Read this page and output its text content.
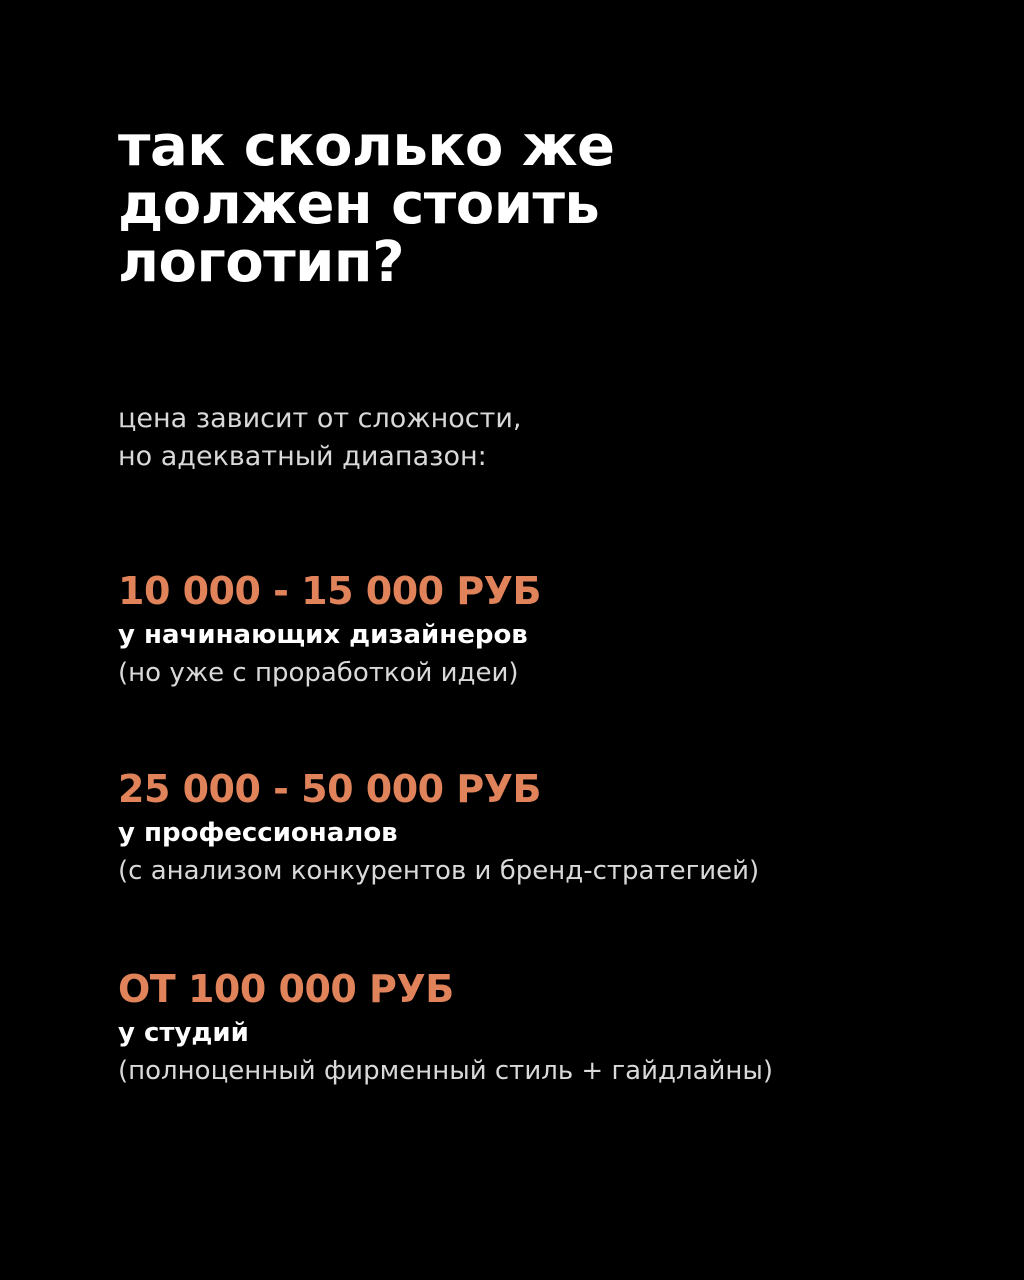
так сколько же
должен стоить
логотип?
цена зависит от сложности,
но адекватный диапазон:
10 000 - 15 000 РУБ
у начинающих дизайнеров
(но уже с проработкой идеи)
25 000 - 50 000 РУБ
у профессионалов
(с анализом конкурентов и бренд-стратегией)
ОТ 100 000 РУБ
у студий
(полноценный фирменный стиль + гайдлайны)
